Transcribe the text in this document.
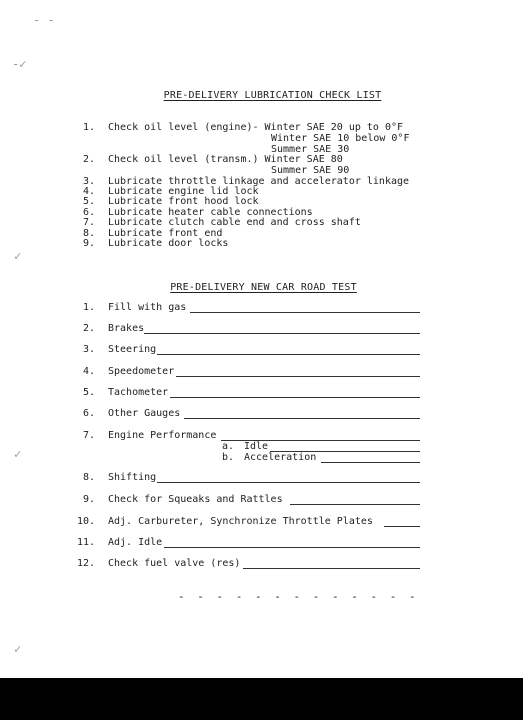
- -
-✓
✓
✓
✓
PRE-DELIVERY LUBRICATION CHECK LIST
1. Check oil level (engine)- Winter SAE 20 up to 0°F
Winter SAE 10 below 0°F
Summer SAE 30
2. Check oil level (transm.) Winter SAE 80
Summer SAE 90
3. Lubricate throttle linkage and accelerator linkage
4. Lubricate engine lid lock
5. Lubricate front hood lock
6. Lubricate heater cable connections
7. Lubricate clutch cable end and cross shaft
8. Lubricate front end
9. Lubricate door locks
PRE-DELIVERY NEW CAR ROAD TEST
1. Fill with gas
2. Brakes
3. Steering
4. Speedometer
5. Tachometer
6. Other Gauges
7. Engine Performance
a. Idle
b. Acceleration
8. Shifting
9. Check for Squeaks and Rattles
10. Adj. Carbureter, Synchronize Throttle Plates
11. Adj. Idle
12. Check fuel valve (res)
- - - - - - - - - - - - -
